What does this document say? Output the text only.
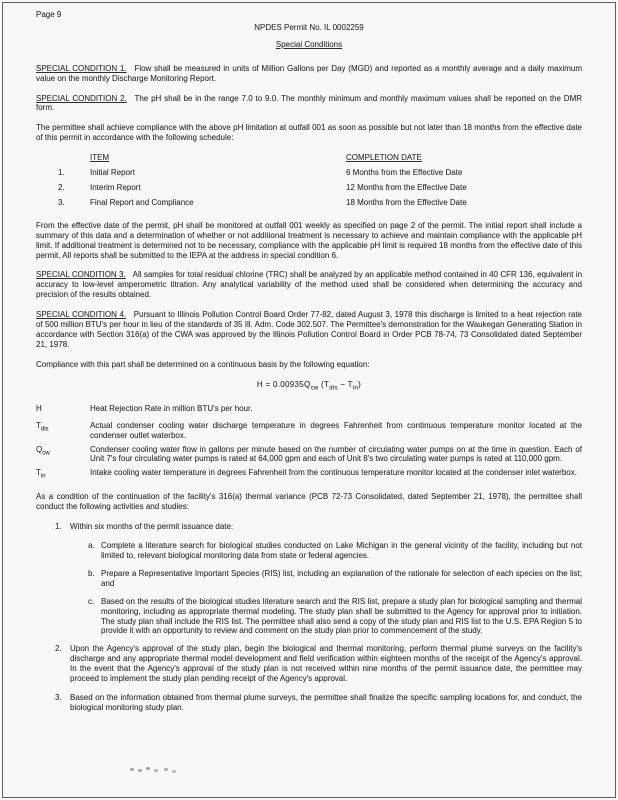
Page 9
NPDES Permit No. IL 0002259
Special Conditions

SPECIAL CONDITION 1. Flow shall be measured in units of Million Gallons per Day (MGD) and reported as a monthly average and a daily maximum value on the monthly Discharge Monitoring Report.

SPECIAL CONDITION 2. The pH shall be in the range 7.0 to 9.0. The monthly minimum and monthly maximum values shall be reported on the DMR form.

The permittee shall achieve compliance with the above pH limitation at outfall 001 as soon as possible but not later than 18 months from the effective date of this permit in accordance with the following schedule:

ITEM	COMPLETION DATE
1.	Initial Report	6 Months from the Effective Date
2.	Interim Report	12 Months from the Effective Date
3.	Final Report and Compliance	18 Months from the Effective Date

From the effective date of the permit, pH shall be monitored at outfall 001 weekly as specified on page 2 of the permit. The initial report shall include a summary of this data and a determination of whether or not additional treatment is necessary to achieve and maintain compliance with the applicable pH limit. If additional treatment is determined not to be necessary, compliance with the applicable pH limit is required 18 months from the effective date of this permit. All reports shall be submitted to the IEPA at the address in special condition 6.

SPECIAL CONDITION 3. All samples for total residual chlorine (TRC) shall be analyzed by an applicable method contained in 40 CFR 136, equivalent in accuracy to low-level amperometric titration. Any analytical variability of the method used shall be considered when determining the accuracy and precision of the results obtained.

SPECIAL CONDITION 4. Pursuant to Illinois Pollution Control Board Order 77-82, dated August 3, 1978 this discharge is limited to a heat rejection rate of 500 million BTU's per hour in lieu of the standards of 35 Ill. Adm. Code 302.507. The Permittee's demonstration for the Waukegan Generating Station in accordance with Section 316(a) of the CWA was approved by the Illinois Pollution Control Board in Order PCB 78-74, 73 Consolidated dated September 21, 1978.

Compliance with this part shall be determined on a continuous basis by the following equation:

$H = 0.00935Q_{cw}$ $(T_{dis} - T_{in})$
H	Heat Rejection Rate in million BTU's per hour.
$T_{dis}$	Actual condenser cooling water discharge temperature in degrees Fahrenheit from continuous temperature monitor located at the condenser outlet waterbox.
$Q_{cw}$	Condenser cooling water flow in gallons per minute based on the number of circulating water pumps on at the time in question. Each of Unit 7's four circulating water pumps is rated at 64,000 gpm and each of Unit 8's two circulating water pumps is rated at 110,000 gpm.
$T_{in}$	Intake cooling water temperature in degrees Fahrenheit from the continuous temperature monitor located at the condenser inlet waterbox.

As a condition of the continuation of the facility's 316(a) thermal variance (PCB 72-73 Consolidated, dated September 21, 1978), the permittee shall conduct the following activities and studies:

1.	Within six months of the permit issuance date:
a. Complete a literature search for biological studies conducted on Lake Michigan in the general vicinity of the facility, including but not limited to, relevant biological monitoring data from state or federal agencies.
b. Prepare a Representative Important Species (RIS) list, including an explanation of the rationale for selection of each species on the list; and
c. Based on the results of the biological studies literature search and the RIS list, prepare a study plan for biological sampling and thermal monitoring, including as appropriate thermal modeling. The study plan shall be submitted to the Agency for approval prior to initiation. The study plan shall include the RIS list. The permittee shall also send a copy of the study plan and RIS list to the U.S. EPA Region 5 to provide it with an opportunity to review and comment on the study plan prior to commencement of the study.
2.	Upon the Agency's approval of the study plan, begin the biological and thermal monitoring, perform thermal plume surveys on the facility's discharge and any appropriate thermal model development and field verification within eighteen months of the receipt of the Agency's approval. In the event that the Agency's approval of the study plan is not received within nine months of the permit issuance date, the permittee may proceed to implement the study plan pending receipt of the Agency's approval.
3.	Based on the information obtained from thermal plume surveys, the permittee shall finalize the specific sampling locations for, and conduct, the biological monitoring study plan.
